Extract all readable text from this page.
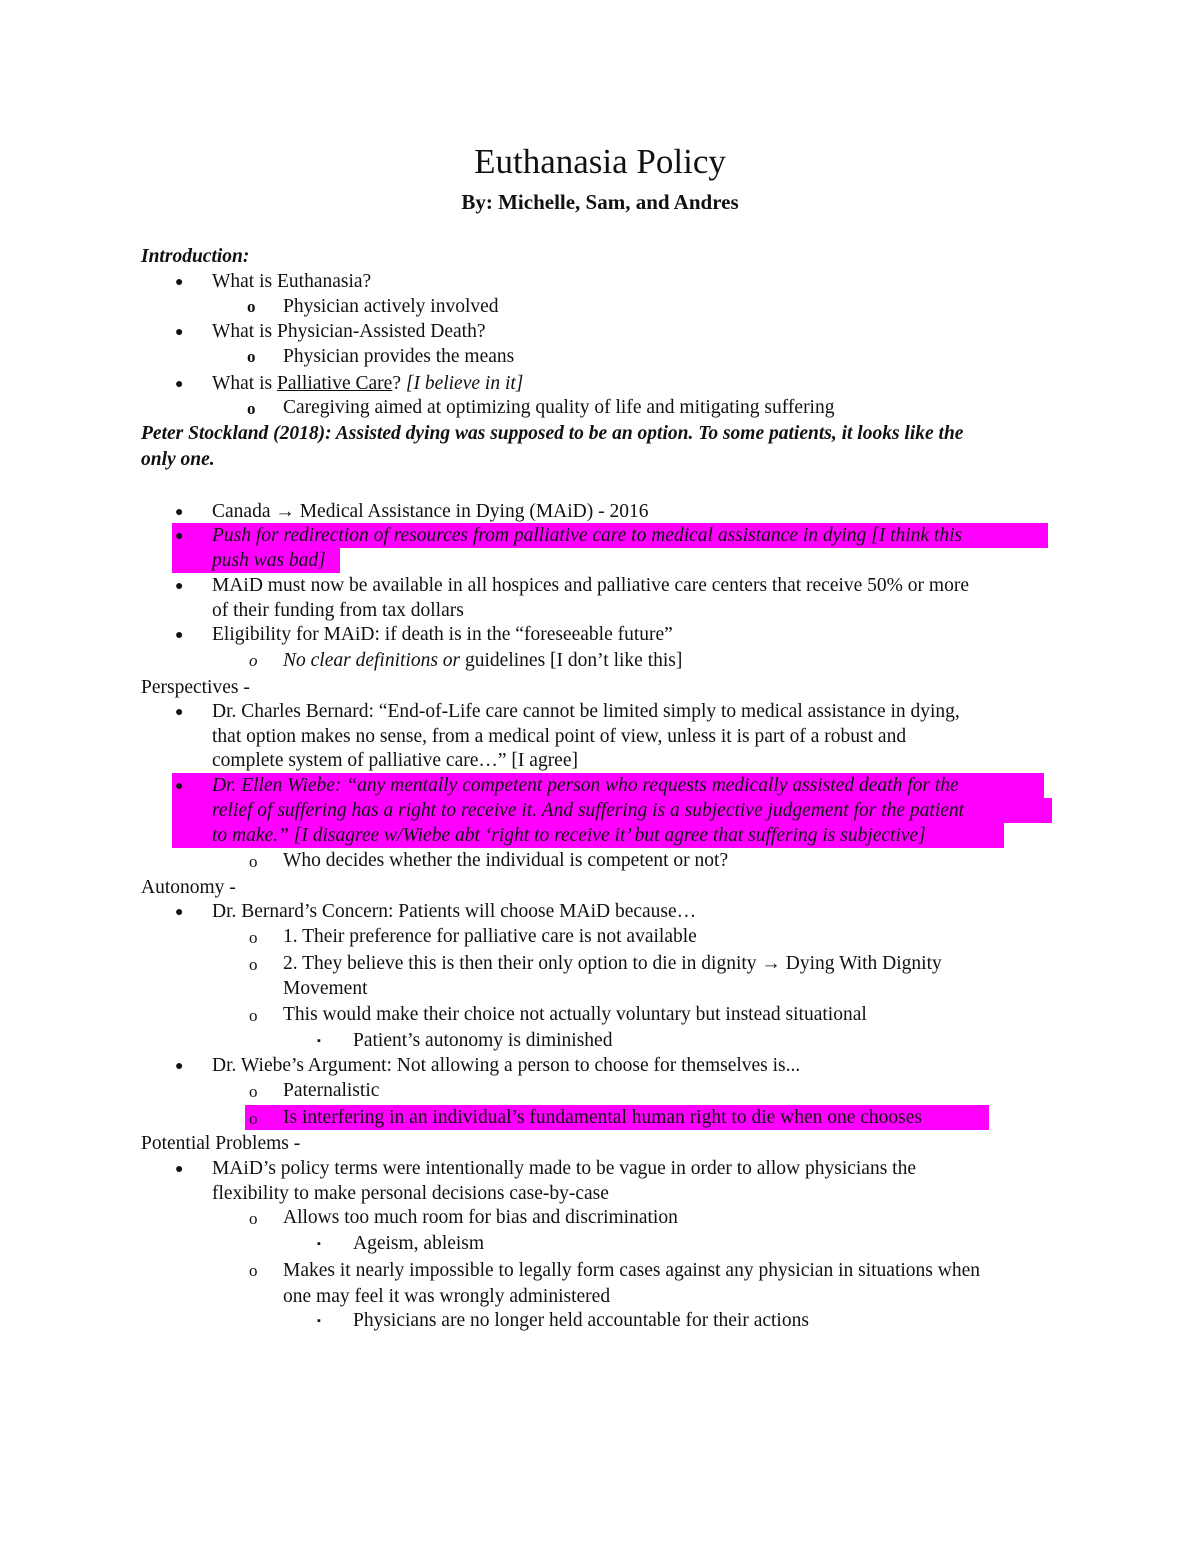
Euthanasia Policy
By: Michelle, Sam, and Andres
Introduction:
● What is Euthanasia?
o Physician actively involved
● What is Physician-Assisted Death?
o Physician provides the means
● What is Palliative Care? [I believe in it]
o Caregiving aimed at optimizing quality of life and mitigating suffering
Peter Stockland (2018): Assisted dying was supposed to be an option. To some patients, it looks like the
only one.
● Canada → Medical Assistance in Dying (MAiD) - 2016
● Push for redirection of resources from palliative care to medical assistance in dying [I think this
push was bad]
● MAiD must now be available in all hospices and palliative care centers that receive 50% or more
of their funding from tax dollars
● Eligibility for MAiD: if death is in the “foreseeable future”
o No clear definitions or guidelines [I don’t like this]
Perspectives -
● Dr. Charles Bernard: “End-of-Life care cannot be limited simply to medical assistance in dying,
that option makes no sense, from a medical point of view, unless it is part of a robust and
complete system of palliative care…” [I agree]
● Dr. Ellen Wiebe: “any mentally competent person who requests medically assisted death for the
relief of suffering has a right to receive it. And suffering is a subjective judgement for the patient
to make.” [I disagree w/Wiebe abt ‘right to receive it’ but agree that suffering is subjective]
o Who decides whether the individual is competent or not?
Autonomy -
● Dr. Bernard’s Concern: Patients will choose MAiD because…
o 1. Their preference for palliative care is not available
o 2. They believe this is then their only option to die in dignity → Dying With Dignity
Movement
o This would make their choice not actually voluntary but instead situational
▪ Patient’s autonomy is diminished
● Dr. Wiebe’s Argument: Not allowing a person to choose for themselves is...
o Paternalistic
o Is interfering in an individual’s fundamental human right to die when one chooses
Potential Problems -
● MAiD’s policy terms were intentionally made to be vague in order to allow physicians the
flexibility to make personal decisions case-by-case
o Allows too much room for bias and discrimination
▪ Ageism, ableism
o Makes it nearly impossible to legally form cases against any physician in situations when
one may feel it was wrongly administered
▪ Physicians are no longer held accountable for their actions
